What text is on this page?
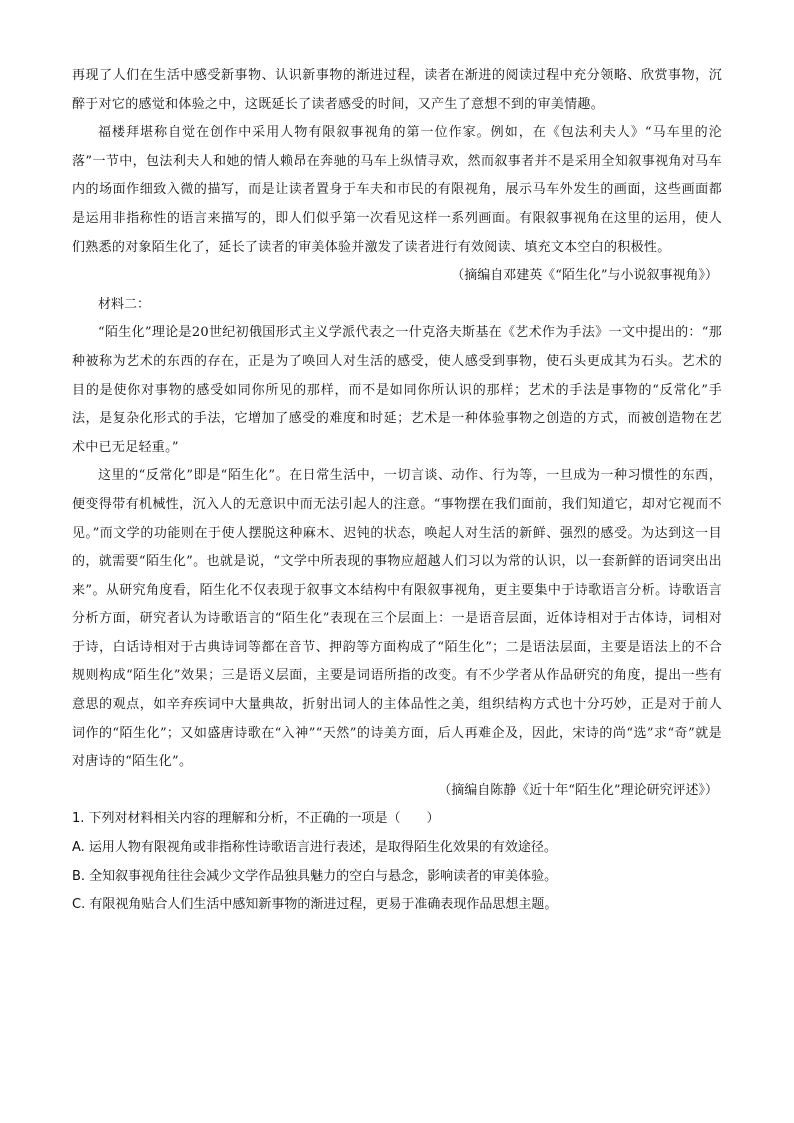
再现了人们在生活中感受新事物、认识新事物的渐进过程，读者在渐进的阅读过程中充分领略、欣赏事物，沉醉于对它的感觉和体验之中，这既延长了读者感受的时间，又产生了意想不到的审美情趣。

福楼拜堪称自觉在创作中采用人物有限叙事视角的第一位作家。例如，在《包法利夫人》“马车里的沦落”一节中，包法利夫人和她的情人赖昂在奔驰的马车上纵情寻欢，然而叙事者并不是采用全知叙事视角对马车内的场面作细致入微的描写，而是让读者置身于车夫和市民的有限视角，展示马车外发生的画面，这些画面都是运用非指称性的语言来描写的，即人们似乎第一次看见这样一系列画面。有限叙事视角在这里的运用，使人们熟悉的对象陌生化了，延长了读者的审美体验并激发了读者进行有效阅读、填充文本空白的积极性。

（摘编自邓建英《“陌生化”与小说叙事视角》）

材料二：

“陌生化”理论是20世纪初俄国形式主义学派代表之一什克洛夫斯基在《艺术作为手法》一文中提出的：“那种被称为艺术的东西的存在，正是为了唤回人对生活的感受，使人感受到事物，使石头更成其为石头。艺术的目的是使你对事物的感受如同你所见的那样，而不是如同你所认识的那样；艺术的手法是事物的“反常化”手法，是复杂化形式的手法，它增加了感受的难度和时延；艺术是一种体验事物之创造的方式，而被创造物在艺术中已无足轻重。”

这里的“反常化”即是“陌生化”。在日常生活中，一切言谈、动作、行为等，一旦成为一种习惯性的东西，便变得带有机械性，沉入人的无意识中而无法引起人的注意。“事物摆在我们面前，我们知道它，却对它视而不见。”而文学的功能则在于使人摆脱这种麻木、迟钝的状态，唤起人对生活的新鲜、强烈的感受。为达到这一目的，就需要“陌生化”。也就是说，“文学中所表现的事物应超越人们习以为常的认识，以一套新鲜的语词突出出来”。从研究角度看，陌生化不仅表现于叙事文本结构中有限叙事视角，更主要集中于诗歌语言分析。诗歌语言分析方面，研究者认为诗歌语言的“陌生化”表现在三个层面上：一是语音层面，近体诗相对于古体诗，词相对于诗，白话诗相对于古典诗词等都在音节、押韵等方面构成了“陌生化”；二是语法层面，主要是语法上的不合规则构成“陌生化”效果；三是语义层面，主要是词语所指的改变。有不少学者从作品研究的角度，提出一些有意思的观点，如辛弃疾词中大量典故，折射出词人的主体品性之美，组织结构方式也十分巧妙，正是对于前人词作的“陌生化”；又如盛唐诗歌在“入神”“天然”的诗美方面，后人再难企及，因此，宋诗的尚“选”求“奇”就是对唐诗的“陌生化”。

（摘编自陈静《近十年“陌生化”理论研究评述》）

1. 下列对材料相关内容的理解和分析，不正确的一项是（　　）

A. 运用人物有限视角或非指称性诗歌语言进行表述，是取得陌生化效果的有效途径。

B. 全知叙事视角往往会减少文学作品独具魅力的空白与悬念，影响读者的审美体验。

C. 有限视角贴合人们生活中感知新事物的渐进过程，更易于准确表现作品思想主题。
